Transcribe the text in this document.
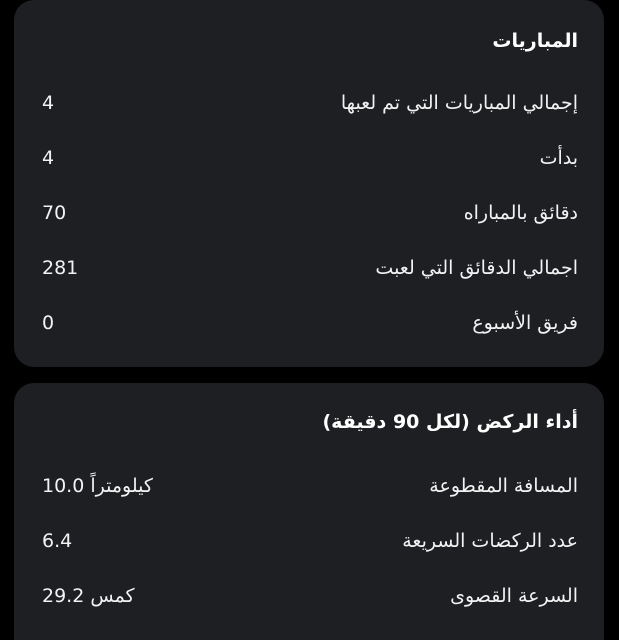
المباريات
إجمالي المباريات التي تم لعبها
4
بدأت
4
دقائق بالمباراه
70
اجمالي الدقائق التي لعبت
281
فريق الأسبوع
0
أداء الركض (لكل 90 دقيقة)
المسافة المقطوعة
كيلومتراً 10.0
عدد الركضات السريعة
6.4
السرعة القصوى
كمس 29.2
